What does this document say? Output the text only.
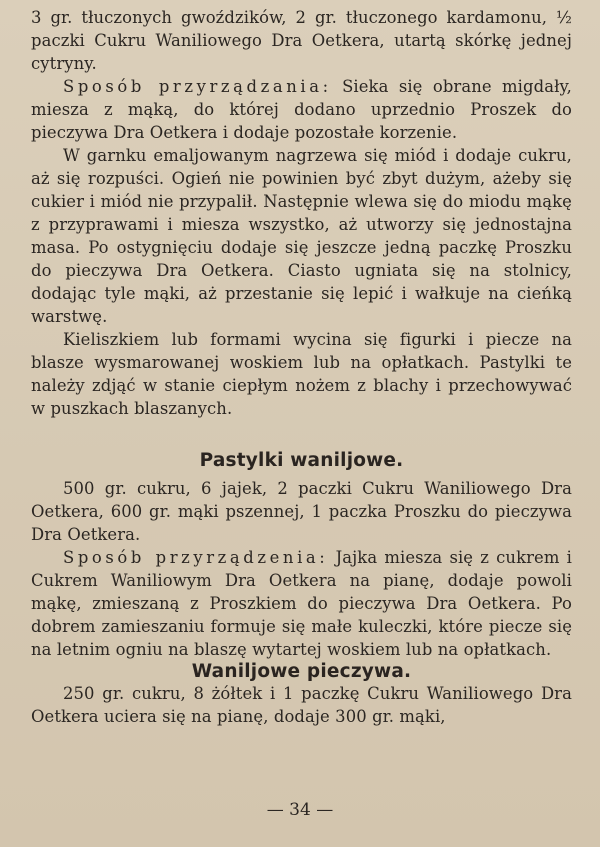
3 gr. tłuczonych gwoździków, 2 gr. tłuczonego kardamonu, ½ paczki Cukru Waniliowego Dra Oetkera, utartą skórkę jednej cytryny.

Sposób przyrządzania: Sieka się obrane migdały, miesza z mąką, do której dodano uprzednio Proszek do pieczywa Dra Oetkera i dodaje pozostałe korzenie.

W garnku emaljowanym nagrzewa się miód i dodaje cukru, aż się rozpuści. Ogień nie powinien być zbyt dużym, ażeby się cukier i miód nie przypalił. Następnie wlewa się do miodu mąkę z przyprawami i miesza wszystko, aż utworzy się jednostajna masa. Po ostygnięciu dodaje się jeszcze jedną paczkę Proszku do pieczywa Dra Oetkera. Ciasto ugniata się na stolnicy, dodając tyle mąki, aż przestanie się lepić i wałkuje na cieńką warstwę.

Kieliszkiem lub formami wycina się figurki i piecze na blasze wysmarowanej woskiem lub na opłatkach. Pastylki te należy zdjąć w stanie ciepłym nożem z blachy i przechowywać w puszkach blaszanych.

Pastylki waniljowe.

500 gr. cukru, 6 jajek, 2 paczki Cukru Waniliowego Dra Oetkera, 600 gr. mąki pszennej, 1 paczka Proszku do pieczywa Dra Oetkera.

Sposób przyrządzenia: Jajka miesza się z cukrem i Cukrem Waniliowym Dra Oetkera na pianę, dodaje powoli mąkę, zmieszaną z Proszkiem do pieczywa Dra Oetkera. Po dobrem zamieszaniu formuje się małe kuleczki, które piecze się na letnim ogniu na blaszę wytartej woskiem lub na opłatkach.

Waniljowe pieczywa.

250 gr. cukru, 8 żółtek i 1 paczkę Cukru Waniliowego Dra Oetkera uciera się na pianę, dodaje 300 gr. mąki,

— 34 —
